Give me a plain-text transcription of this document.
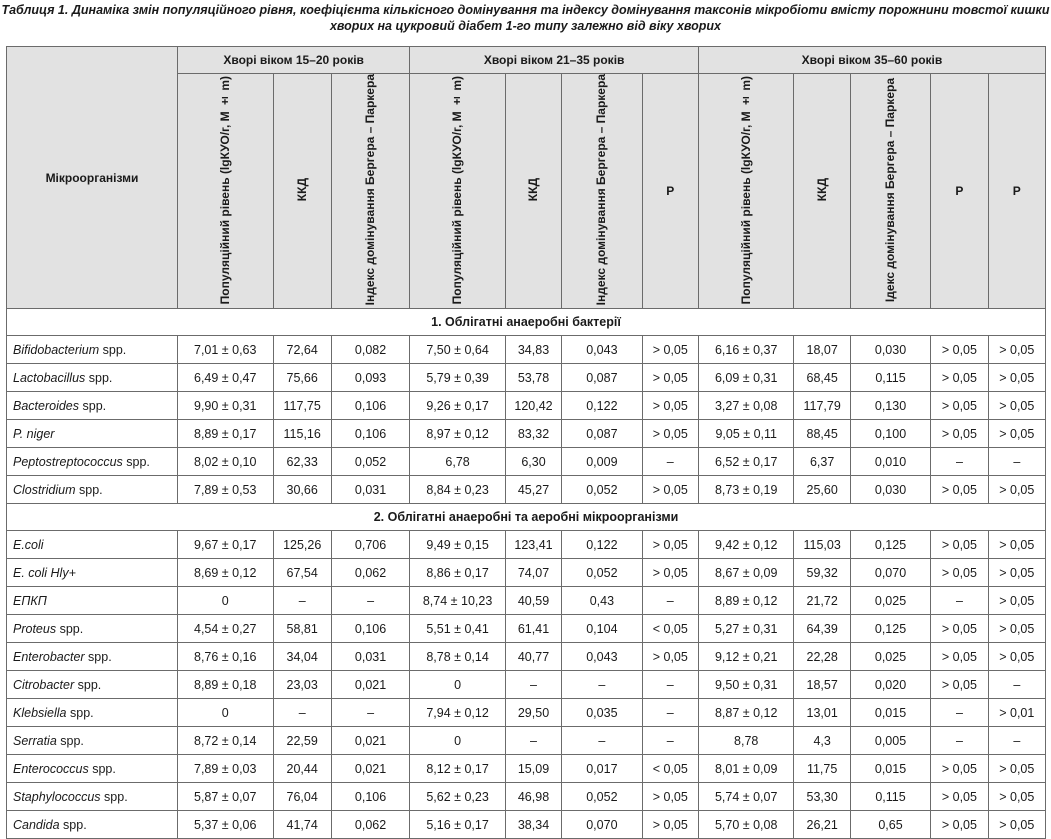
Таблиця 1. Динаміка змін популяційного рівня, коефіцієнта кількісного домінування та індексу домінування таксонів мікробіоти вмісту порожнини товстої кишки хворих на цукровий діабет 1-го типу залежно від віку хворих
Мікроорганізми	Хворі віком 15–20 років			Хворі віком 21–35 років				Хворі віком 35–60 років				
	Популяційний рівень (lgКУО/г, M ± m)	ККД	Індекс домінування Бергера – Паркера	Популяційний рівень (lgКУО/г, M ± m)	ККД	Індекс домінування Бергера – Паркера	Р	Популяційний рівень (lgКУО/г, M ± m)	ККД	Ідекс домінування Бергера – Паркера	Р	Р
1. Облігатні анаеробні бактерії												
Bifidobacterium spp.	7,01 ± 0,63	72,64	0,082	7,50 ± 0,64	34,83	0,043	> 0,05	6,16 ± 0,37	18,07	0,030	> 0,05	> 0,05
Lactobacillus spp.	6,49 ± 0,47	75,66	0,093	5,79 ± 0,39	53,78	0,087	> 0,05	6,09 ± 0,31	68,45	0,115	> 0,05	> 0,05
Bacteroides spp.	9,90 ± 0,31	117,75	0,106	9,26 ± 0,17	120,42	0,122	> 0,05	3,27 ± 0,08	117,79	0,130	> 0,05	> 0,05
P. niger	8,89 ± 0,17	115,16	0,106	8,97 ± 0,12	83,32	0,087	> 0,05	9,05 ± 0,11	88,45	0,100	> 0,05	> 0,05
Peptostreptococcus spp.	8,02 ± 0,10	62,33	0,052	6,78	6,30	0,009	–	6,52 ± 0,17	6,37	0,010	–	–
Clostridium spp.	7,89 ± 0,53	30,66	0,031	8,84 ± 0,23	45,27	0,052	> 0,05	8,73 ± 0,19	25,60	0,030	> 0,05	> 0,05
2. Облігатні анаеробні та аеробні мікроорганізми												
E.coli	9,67 ± 0,17	125,26	0,706	9,49 ± 0,15	123,41	0,122	> 0,05	9,42 ± 0,12	115,03	0,125	> 0,05	> 0,05
E. coli Hly+	8,69 ± 0,12	67,54	0,062	8,86 ± 0,17	74,07	0,052	> 0,05	8,67 ± 0,09	59,32	0,070	> 0,05	> 0,05
ЕПКП	0	–	–	8,74 ± 10,23	40,59	0,43	–	8,89 ± 0,12	21,72	0,025	–	> 0,05
Proteus spp.	4,54 ± 0,27	58,81	0,106	5,51 ± 0,41	61,41	0,104	< 0,05	5,27 ± 0,31	64,39	0,125	> 0,05	> 0,05
Enterobacter spp.	8,76 ± 0,16	34,04	0,031	8,78 ± 0,14	40,77	0,043	> 0,05	9,12 ± 0,21	22,28	0,025	> 0,05	> 0,05
Citrobacter spp.	8,89 ± 0,18	23,03	0,021	0	–	–	–	9,50 ± 0,31	18,57	0,020	> 0,05	–
Klebsiella spp.	0	–	–	7,94 ± 0,12	29,50	0,035	–	8,87 ± 0,12	13,01	0,015	–	> 0,01
Serratia spp.	8,72 ± 0,14	22,59	0,021	0	–	–	–	8,78	4,3	0,005	–	–
Enterococcus spp.	7,89 ± 0,03	20,44	0,021	8,12 ± 0,17	15,09	0,017	< 0,05	8,01 ± 0,09	11,75	0,015	> 0,05	> 0,05
Staphylococcus spp.	5,87 ± 0,07	76,04	0,106	5,62 ± 0,23	46,98	0,052	> 0,05	5,74 ± 0,07	53,30	0,115	> 0,05	> 0,05
Candida spp.	5,37 ± 0,06	41,74	0,062	5,16 ± 0,17	38,34	0,070	> 0,05	5,70 ± 0,08	26,21	0,65	> 0,05	> 0,05
